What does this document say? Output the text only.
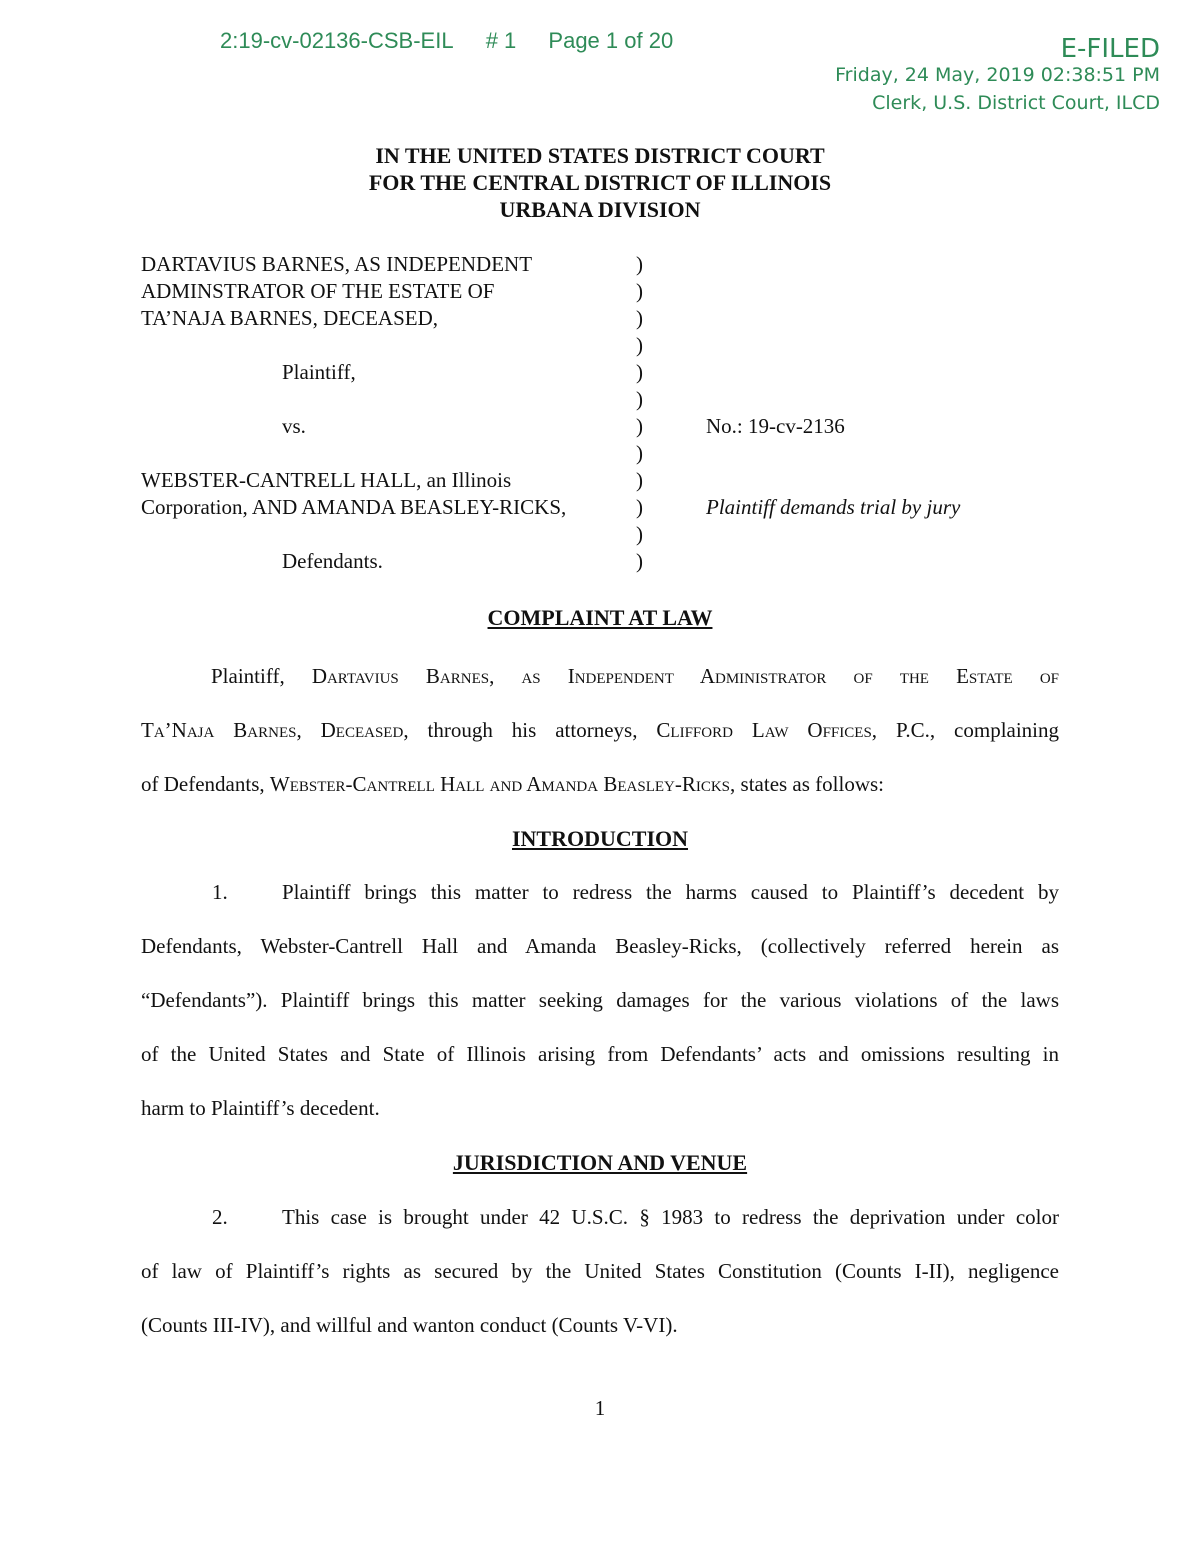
2:19-cv-02136-CSB-EIL # 1 Page 1 of 20	E-FILED
Friday, 24 May, 2019 02:38:51 PM
Clerk, U.S. District Court, ILCD
IN THE UNITED STATES DISTRICT COURT
FOR THE CENTRAL DISTRICT OF ILLINOIS
URBANA DIVISION
DARTAVIUS BARNES, AS INDEPENDENT
ADMINSTRATOR OF THE ESTATE OF
TA’NAJA BARNES, DECEASED,
Plaintiff,
vs.
WEBSTER-CANTRELL HALL, an Illinois
Corporation, AND AMANDA BEASLEY-RICKS,
Defendants.
)
)
)
)
)
)
)
)
)
)
)
)
No.: 19-cv-2136
Plaintiff demands trial by jury
COMPLAINT AT LAW
Plaintiff, Dartavius Barnes, as Independent Administrator of the Estate of
Ta’Naja Barnes, Deceased, through his attorneys, Clifford Law Offices, P.C., complaining
of Defendants, Webster-Cantrell Hall and Amanda Beasley-Ricks, states as follows:
INTRODUCTION
1.	Plaintiff brings this matter to redress the harms caused to Plaintiff’s decedent by
Defendants, Webster-Cantrell Hall and Amanda Beasley-Ricks, (collectively referred herein as
“Defendants”). Plaintiff brings this matter seeking damages for the various violations of the laws
of the United States and State of Illinois arising from Defendants’ acts and omissions resulting in
harm to Plaintiff’s decedent.
JURISDICTION AND VENUE
2.	This case is brought under 42 U.S.C. § 1983 to redress the deprivation under color
of law of Plaintiff’s rights as secured by the United States Constitution (Counts I-II), negligence
(Counts III-IV), and willful and wanton conduct (Counts V-VI).
1
